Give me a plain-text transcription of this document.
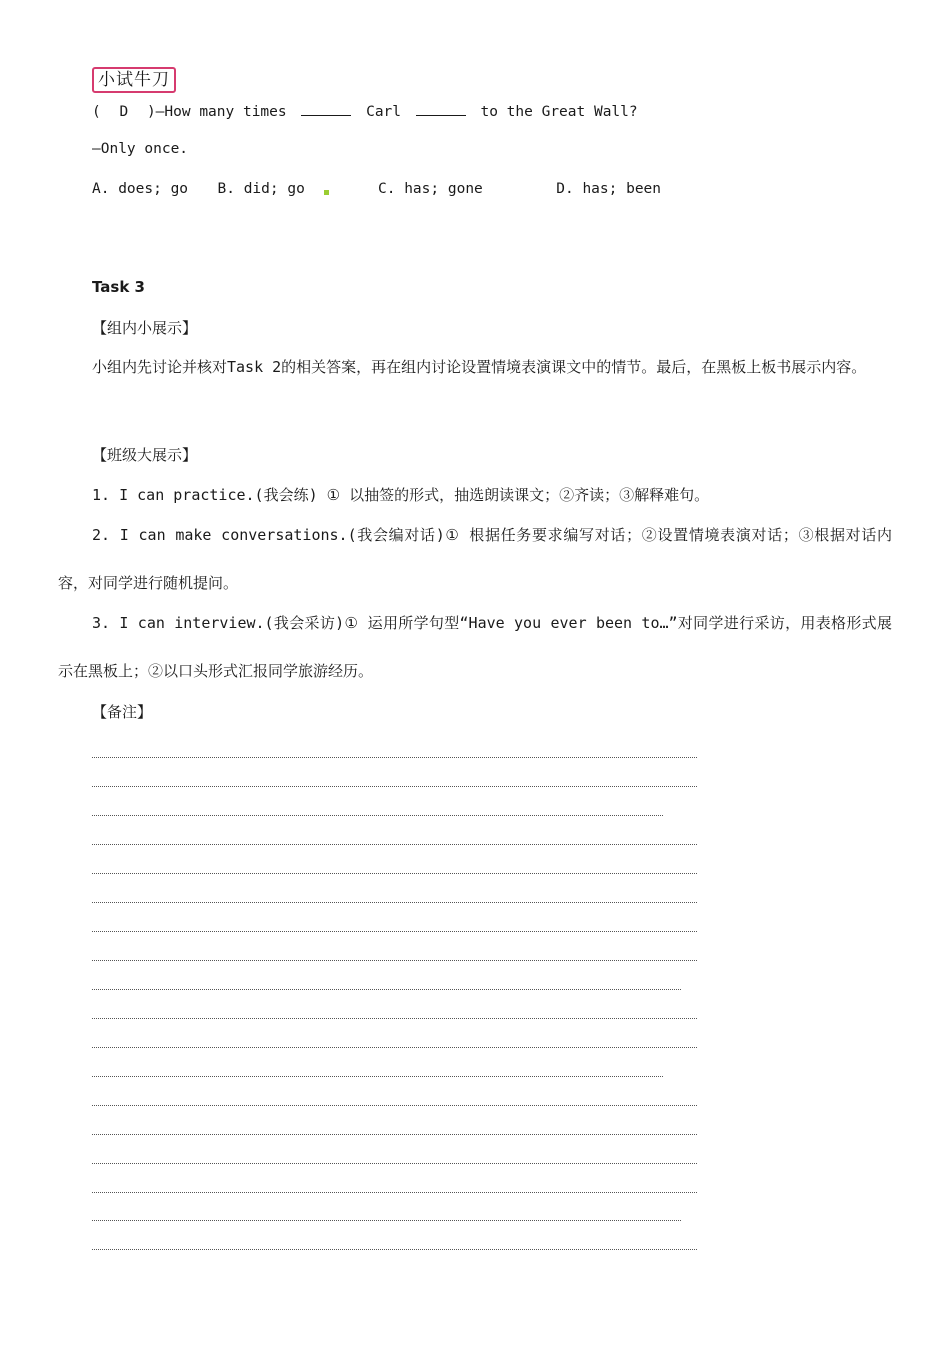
小试牛刀
( D )—How many times	Carl	to the Great Wall?
—Only once.
A. does; go B. did; go	C. has; gone	D. has; been
Task 3
【组内小展示】
小组内先讨论并核对Task 2的相关答案，再在组内讨论设置情境表演课文中的情节。最后，在黑板上板书展示内容。
【班级大展示】
1. I can practice.(我会练) ① 以抽签的形式，抽选朗读课文；②齐读；③解释难句。
2. I can make conversations.(我会编对话)① 根据任务要求编写对话；②设置情境表演对话；③根据对话内容，对同学进行随机提问。
3. I can interview.(我会采访)① 运用所学句型“Have you ever been to…”对同学进行采访，用表格形式展示在黑板上；②以口头形式汇报同学旅游经历。
【备注】
